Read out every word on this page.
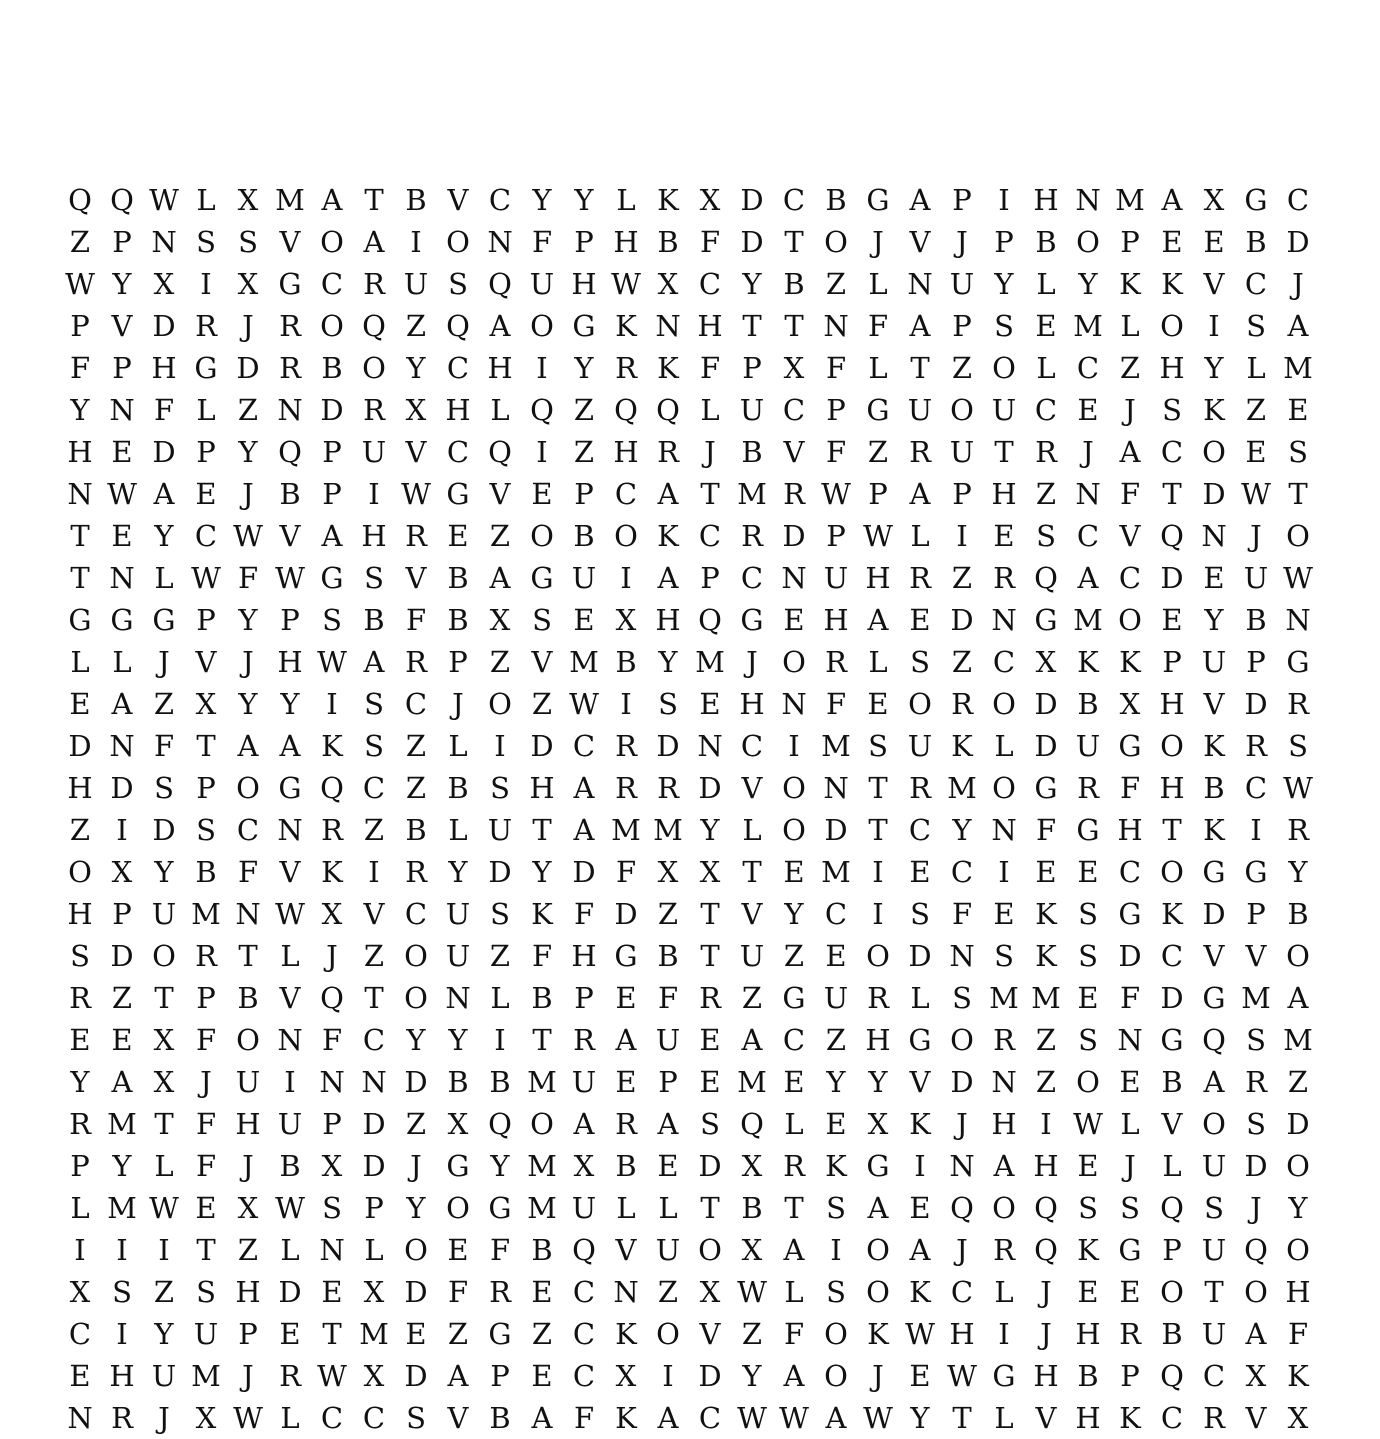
Q Q W L X M A T B V C Y Y L K X D C B G A P I H N M A X G C
Z P N S S V O A I O N F P H B F D T O J V J P B O P E E B D
W Y X I X G C R U S Q U H W X C Y B Z L N U Y L Y K K V C J
P V D R J R O Q Z Q A O G K N H T T N F A P S E M L O I S A
F P H G D R B O Y C H I Y R K F P X F L T Z O L C Z H Y L M
Y N F L Z N D R X H L Q Z Q Q L U C P G U O U C E J S K Z E
H E D P Y Q P U V C Q I Z H R J B V F Z R U T R J A C O E S
N W A E J B P I W G V E P C A T M R W P A P H Z N F T D W T
T E Y C W V A H R E Z O B O K C R D P W L I E S C V Q N J O
T N L W F W G S V B A G U I A P C N U H R Z R Q A C D E U W
G G G P Y P S B F B X S E X H Q G E H A E D N G M O E Y B N
L L J V J H W A R P Z V M B Y M J O R L S Z C X K K P U P G
E A Z X Y Y I S C J O Z W I S E H N F E O R O D B X H V D R
D N F T A A K S Z L I D C R D N C I M S U K L D U G O K R S
H D S P O G Q C Z B S H A R R D V O N T R M O G R F H B C W
Z I D S C N R Z B L U T A M M Y L O D T C Y N F G H T K I R
O X Y B F V K I R Y D Y D F X X T E M I E C I E E C O G G Y
H P U M N W X V C U S K F D Z T V Y C I S F E K S G K D P B
S D O R T L J Z O U Z F H G B T U Z E O D N S K S D C V V O
R Z T P B V Q T O N L B P E F R Z G U R L S M M E F D G M A
E E X F O N F C Y Y I T R A U E A C Z H G O R Z S N G Q S M
Y A X J U I N N D B B M U E P E M E Y Y V D N Z O E B A R Z
R M T F H U P D Z X Q O A R A S Q L E X K J H I W L V O S D
P Y L F J B X D J G Y M X B E D X R K G I N A H E J L U D O
L M W E X W S P Y O G M U L L T B T S A E Q O Q S S Q S J Y
I	I	I T Z L N L O E F B Q V U O X A I O A J R Q K G P U Q O
X S Z S H D E X D F R E C N Z X W L S O K C L J E E O T O H
C I Y U P E T M E Z G Z C K O V Z F O K W H I	J H R B U A F
E H U M J R W X D A P E C X I D Y A O J E W G H B P Q C X K
N R J X W L C C S V B A F K A C W W A W Y T L V H K C R V X
